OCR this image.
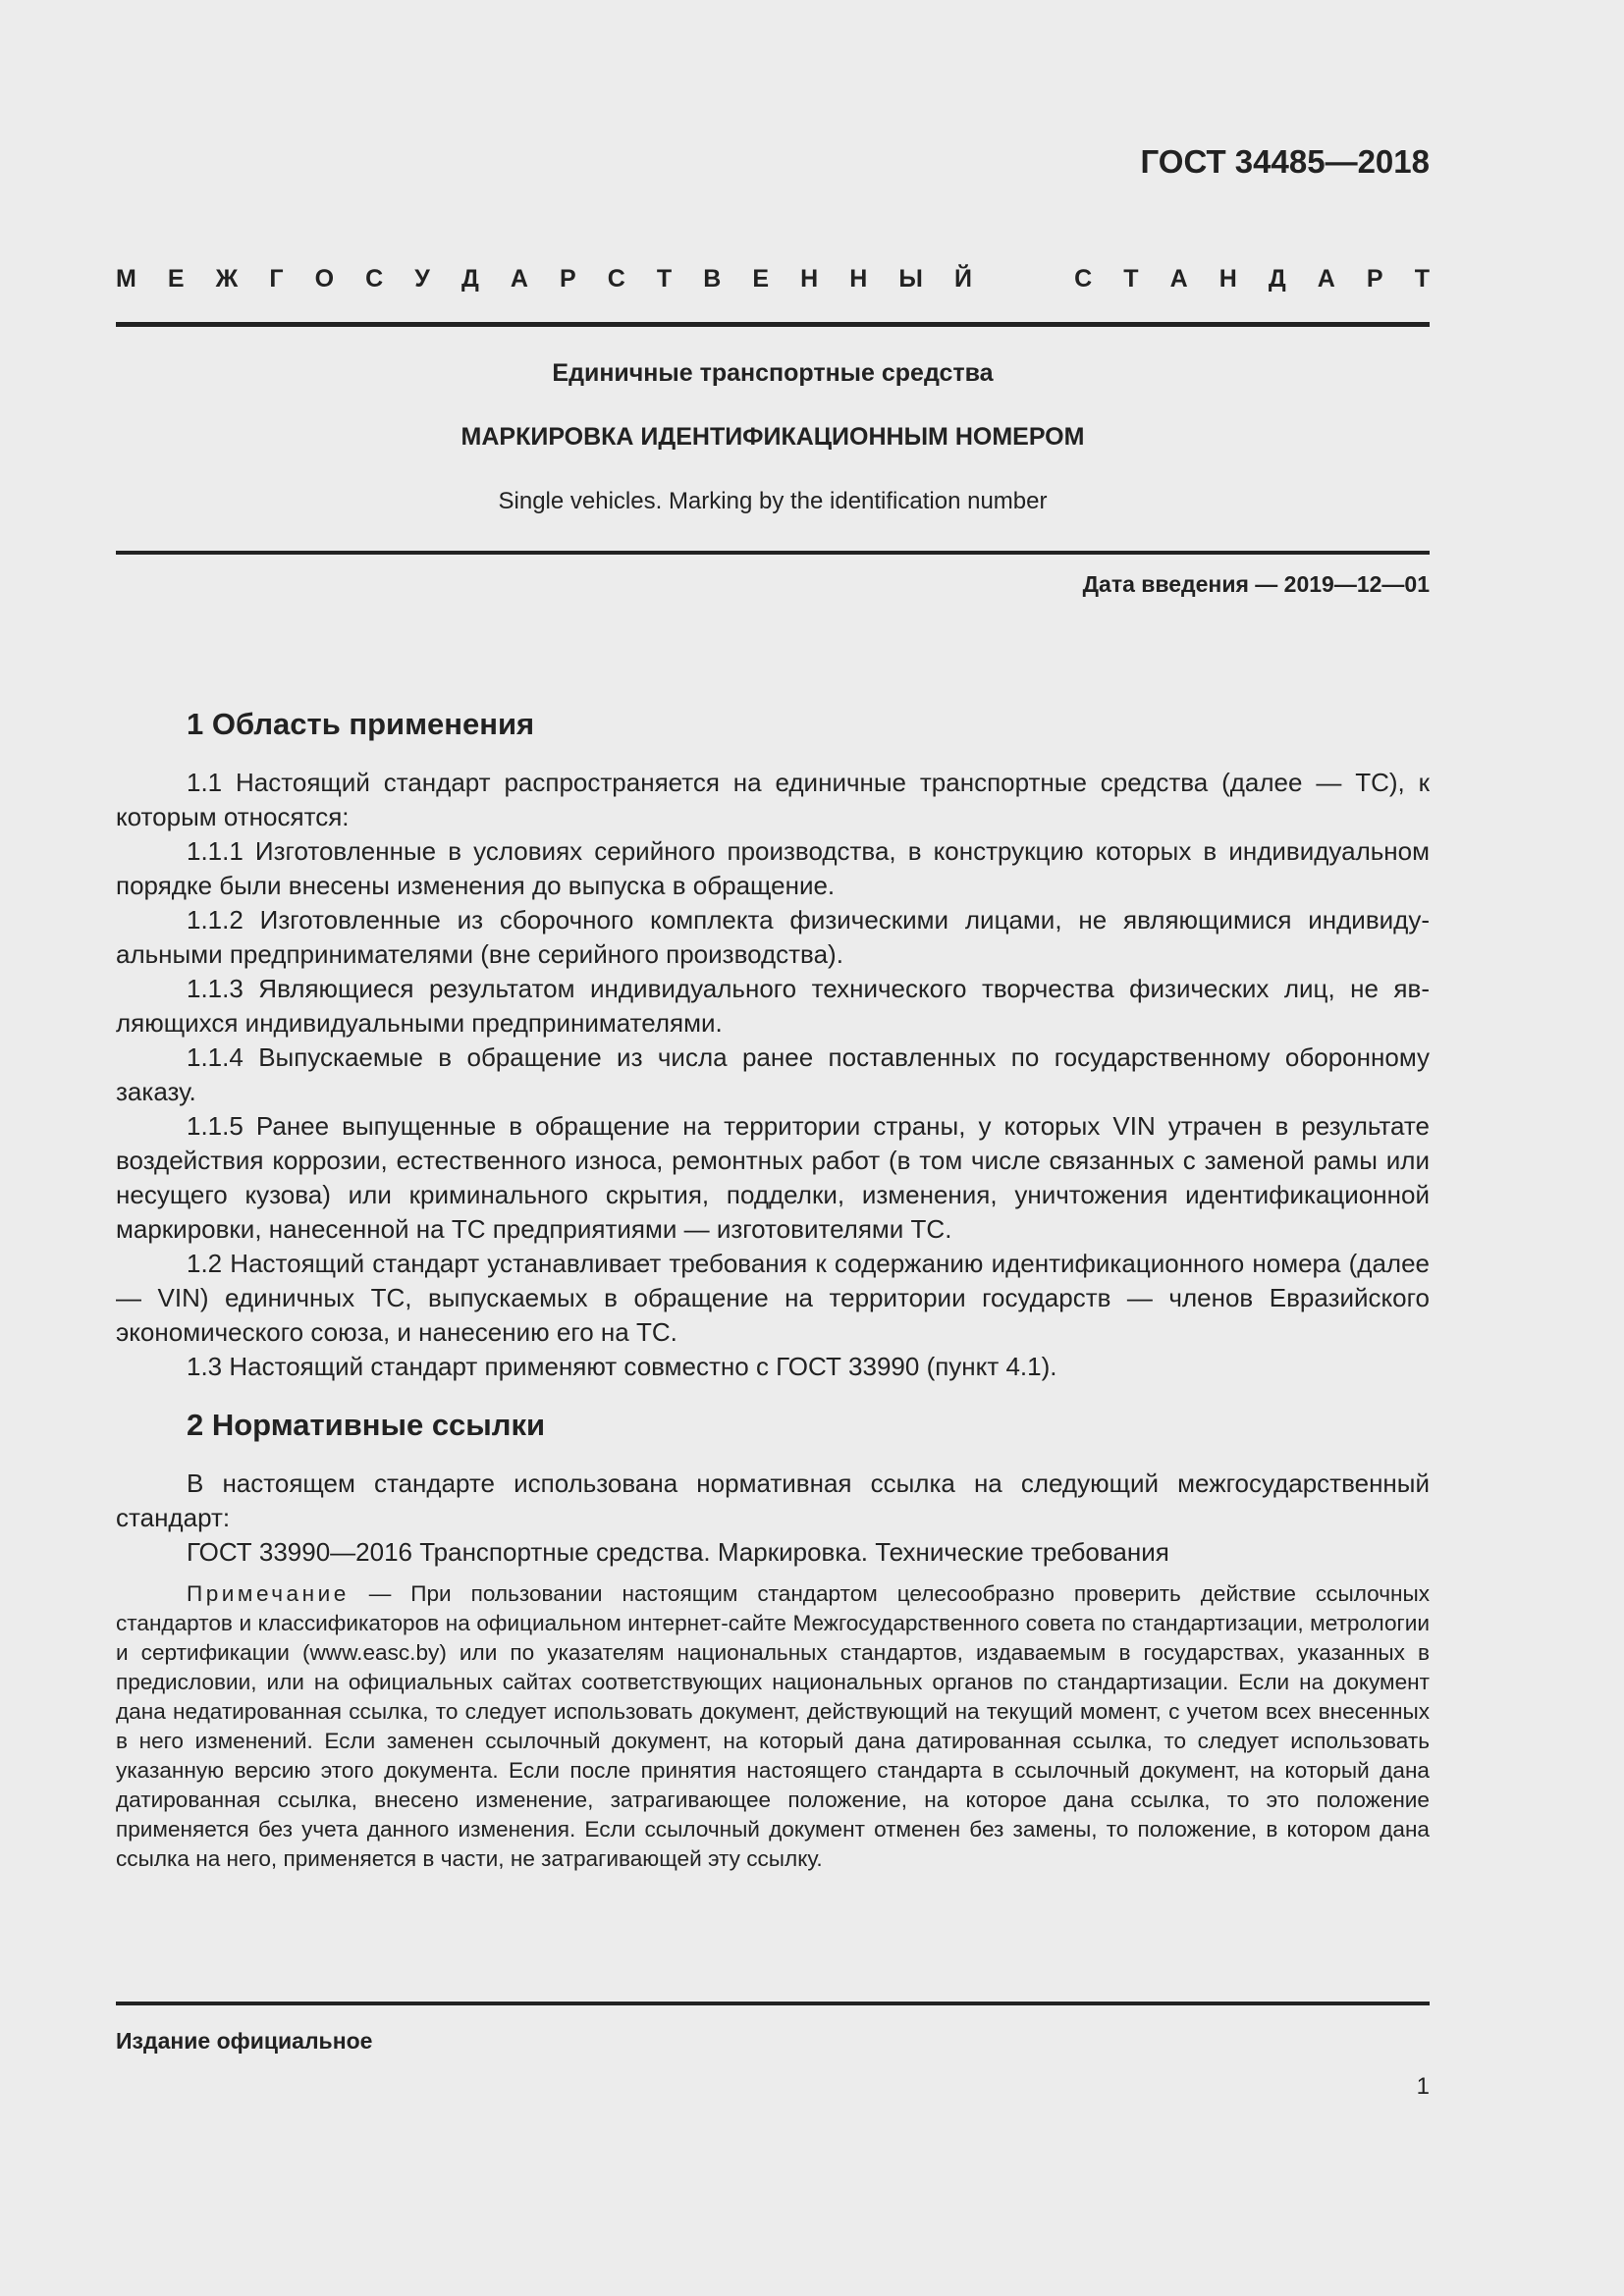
ГОСТ 34485—2018
М Е Ж Г О С У Д А Р С Т В Е Н Н Ы Й	С Т А Н Д А Р Т
Единичные транспортные средства
МАРКИРОВКА ИДЕНТИФИКАЦИОННЫМ НОМЕРОМ
Single vehicles. Marking by the identification number
Дата введения — 2019—12—01
1 Область применения

1.1 Настоящий стандарт распространяется на единичные транспортные средства (далее — ТС), к которым относятся:

1.1.1 Изготовленные в условиях серийного производства, в конструкцию которых в индивидуальном порядке были внесены изменения до выпуска в обращение.

1.1.2 Изготовленные из сборочного комплекта физическими лицами, не являющимися индивидуальными предпринимателями (вне серийного производства).

1.1.3 Являющиеся результатом индивидуального технического творчества физических лиц, не являющихся индивидуальными предпринимателями.

1.1.4 Выпускаемые в обращение из числа ранее поставленных по государственному оборонному заказу.

1.1.5 Ранее выпущенные в обращение на территории страны, у которых VIN утрачен в результате воздействия коррозии, естественного износа, ремонтных работ (в том числе связанных с заменой рамы или несущего кузова) или криминального скрытия, подделки, изменения, уничтожения идентификационной маркировки, нанесенной на ТС предприятиями — изготовителями ТС.

1.2 Настоящий стандарт устанавливает требования к содержанию идентификационного номера (далее — VIN) единичных ТС, выпускаемых в обращение на территории государств — членов Евразийского экономического союза, и нанесению его на ТС.

1.3 Настоящий стандарт применяют совместно с ГОСТ 33990 (пункт 4.1).

2 Нормативные ссылки

В настоящем стандарте использована нормативная ссылка на следующий межгосударственный стандарт:

ГОСТ 33990—2016 Транспортные средства. Маркировка. Технические требования

Примечание — При пользовании настоящим стандартом целесообразно проверить действие ссылочных стандартов и классификаторов на официальном интернет-сайте Межгосударственного совета по стандартизации, метрологии и сертификации (www.easc.by) или по указателям национальных стандартов, издаваемым в государствах, указанных в предисловии, или на официальных сайтах соответствующих национальных органов по стандартизации. Если на документ дана недатированная ссылка, то следует использовать документ, действующий на текущий момент, с учетом всех внесенных в него изменений. Если заменен ссылочный документ, на который дана датированная ссылка, то следует использовать указанную версию этого документа. Если после принятия настоящего стандарта в ссылочный документ, на который дана датированная ссылка, внесено изменение, затрагивающее положение, на которое дана ссылка, то это положение применяется без учета данного изменения. Если ссылочный документ отменен без замены, то положение, в котором дана ссылка на него, применяется в части, не затрагивающей эту ссылку.

Издание официальное
1
